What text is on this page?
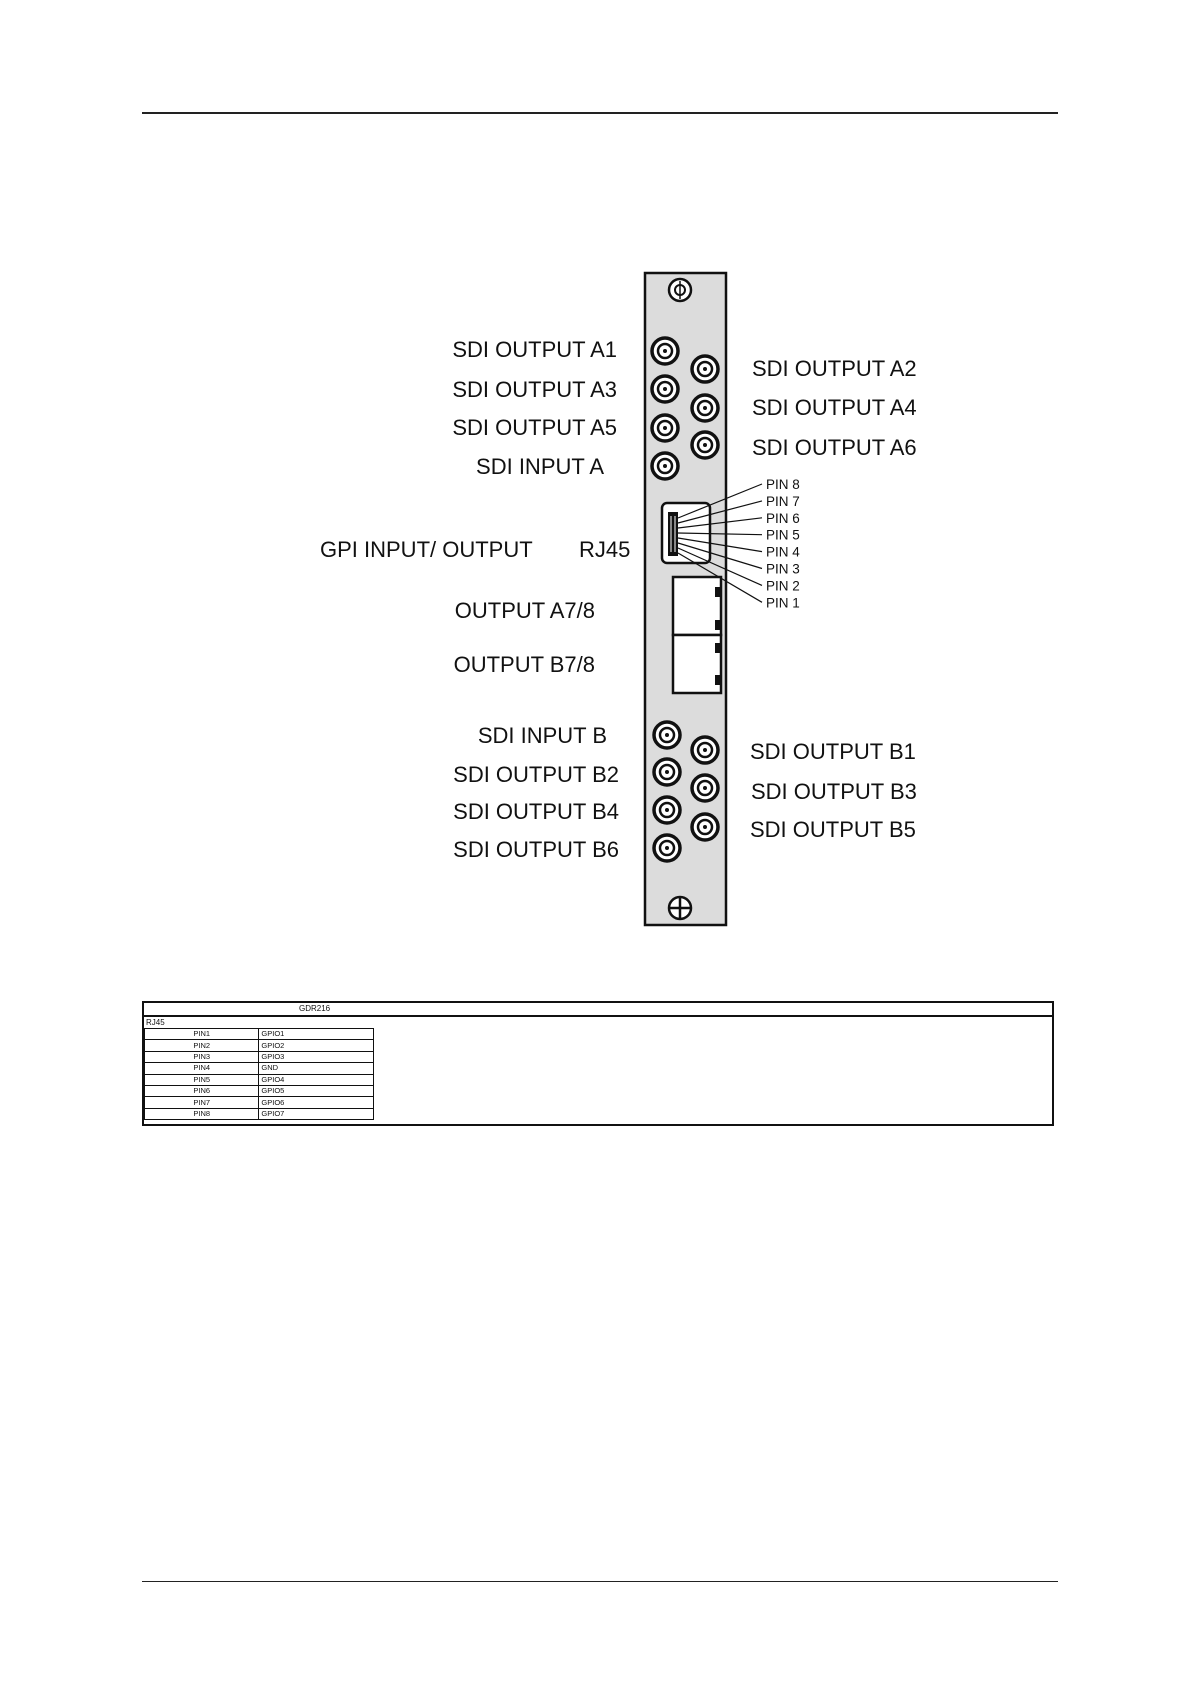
PIN 8
PIN 7
PIN 6
PIN 5
PIN 4
PIN 3
PIN 2
PIN 1
SDI OUTPUT A1
SDI OUTPUT A2
SDI OUTPUT A3
SDI OUTPUT A4
SDI OUTPUT A5
SDI OUTPUT A6
SDI INPUT A
GPI INPUT/ OUTPUT RJ45
OUTPUT A7/8
OUTPUT B7/8
SDI INPUT B
SDI OUTPUT B1
SDI OUTPUT B2
SDI OUTPUT B3
SDI OUTPUT B4
SDI OUTPUT B5
SDI OUTPUT B6
GDR216
RJ45
PIN1	GPIO1
PIN2	GPIO2
PIN3	GPIO3
PIN4	GND
PIN5	GPIO4
PIN6	GPIO5
PIN7	GPIO6
PIN8	GPIO7
